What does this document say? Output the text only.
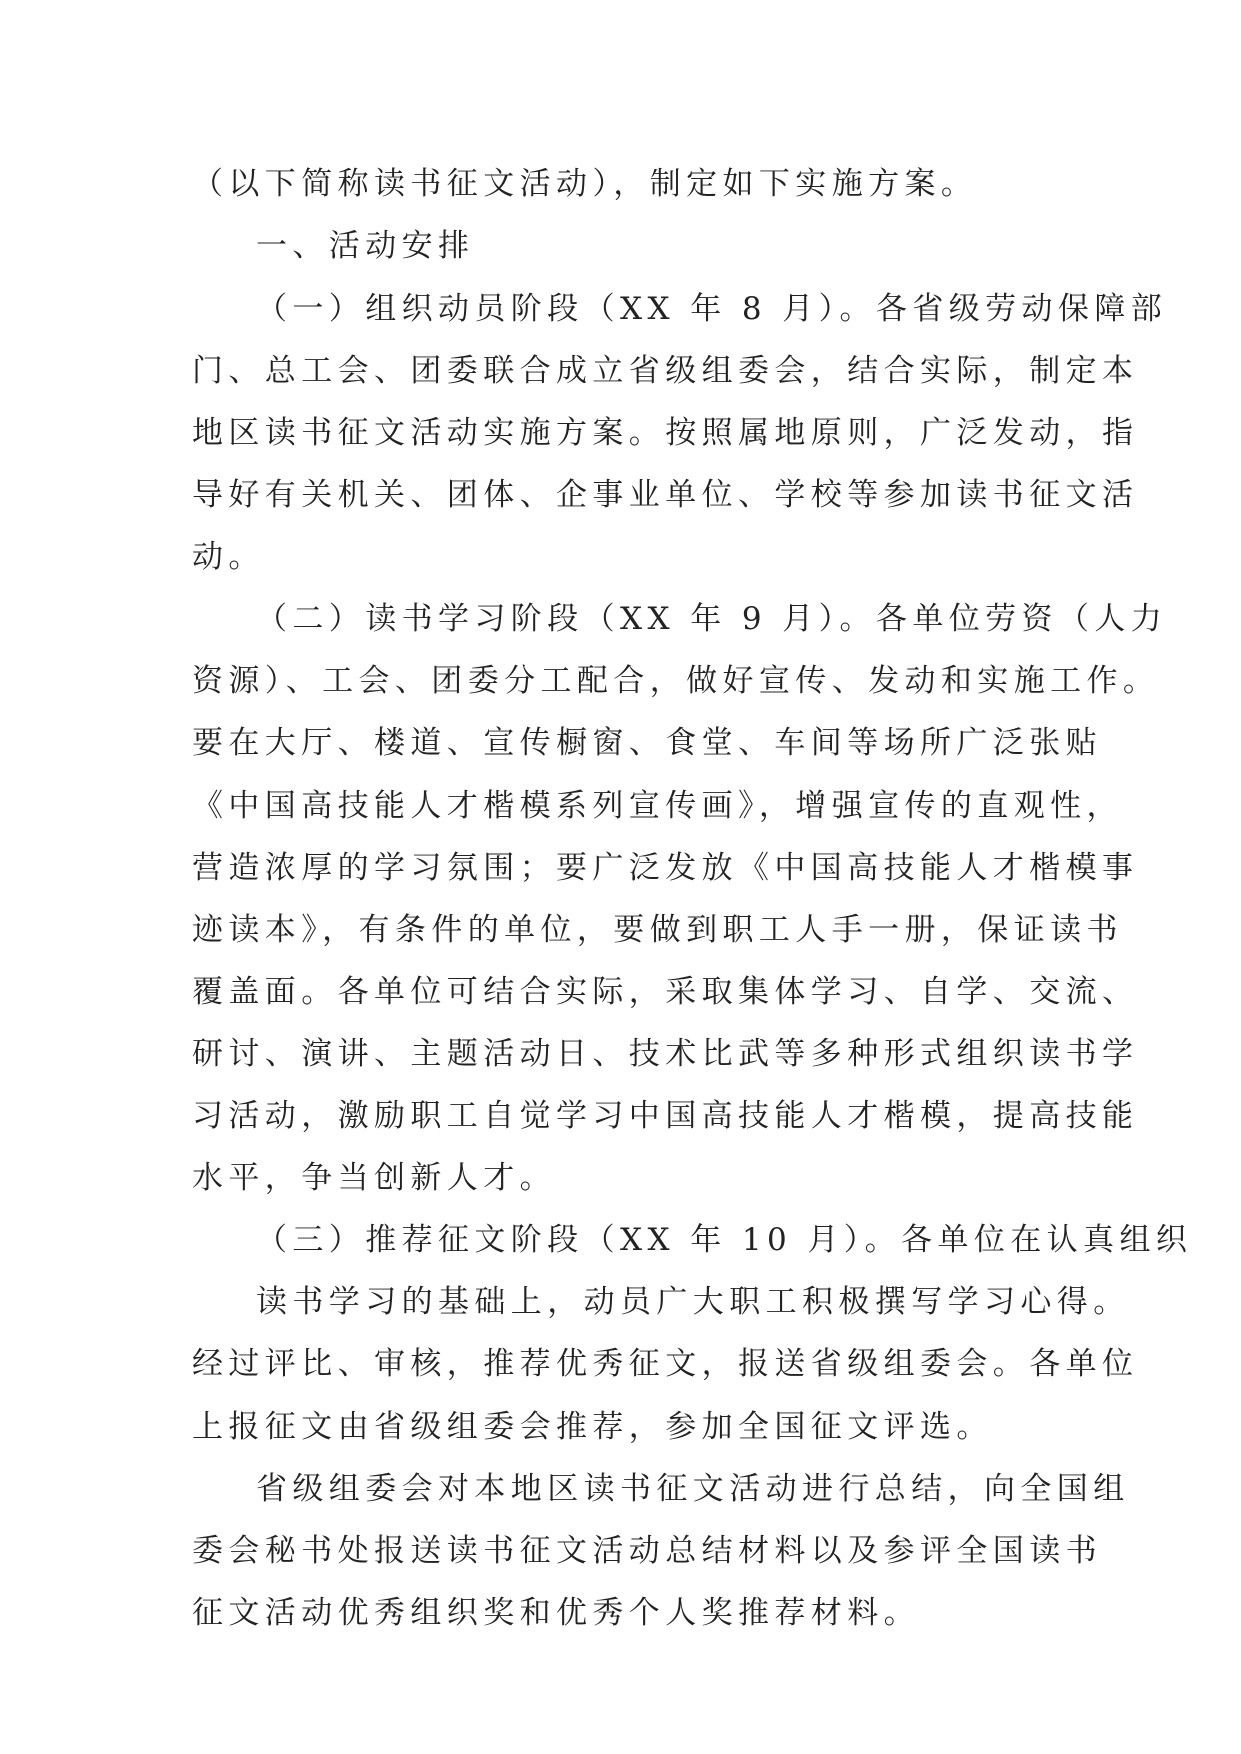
（以下简称读书征文活动），制定如下实施方案。

一、活动安排

（一）组织动员阶段（XX 年 8 月）。各省级劳动保障部

门、总工会、团委联合成立省级组委会，结合实际，制定本

地区读书征文活动实施方案。按照属地原则，广泛发动，指

导好有关机关、团体、企事业单位、学校等参加读书征文活

动。

（二）读书学习阶段（XX 年 9 月）。各单位劳资（人力

资源）、工会、团委分工配合，做好宣传、发动和实施工作。

要在大厅、楼道、宣传橱窗、食堂、车间等场所广泛张贴

《中国高技能人才楷模系列宣传画》，增强宣传的直观性，

营造浓厚的学习氛围；要广泛发放《中国高技能人才楷模事

迹读本》，有条件的单位，要做到职工人手一册，保证读书

覆盖面。各单位可结合实际，采取集体学习、自学、交流、

研讨、演讲、主题活动日、技术比武等多种形式组织读书学

习活动，激励职工自觉学习中国高技能人才楷模，提高技能

水平，争当创新人才。

（三）推荐征文阶段（XX 年 10 月）。各单位在认真组织

读书学习的基础上，动员广大职工积极撰写学习心得。

经过评比、审核，推荐优秀征文，报送省级组委会。各单位

上报征文由省级组委会推荐，参加全国征文评选。

省级组委会对本地区读书征文活动进行总结，向全国组

委会秘书处报送读书征文活动总结材料以及参评全国读书

征文活动优秀组织奖和优秀个人奖推荐材料。
